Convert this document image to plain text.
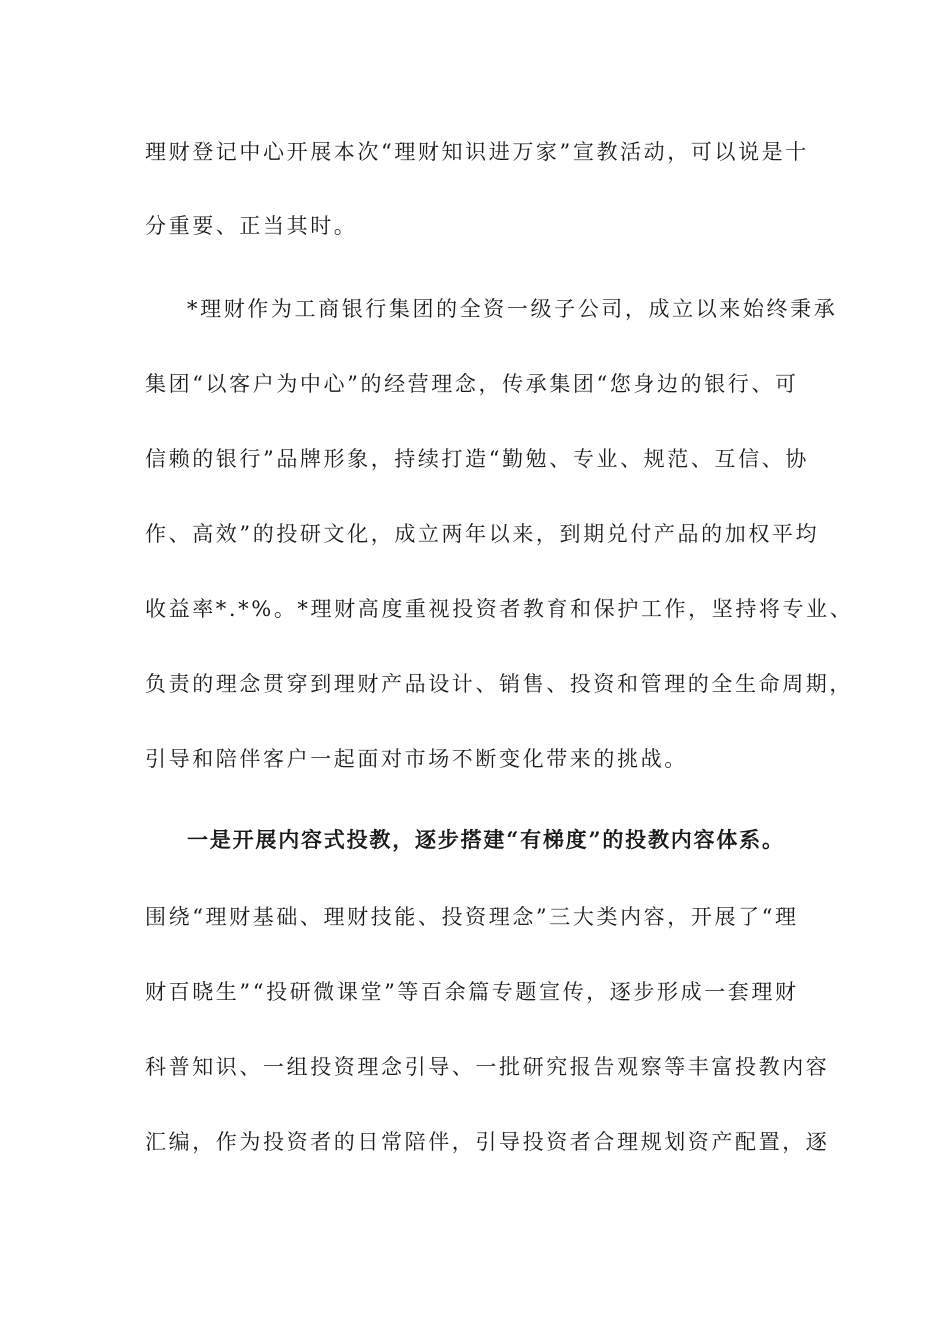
理财登记中心开展本次“理财知识进万家”宣教活动，可以说是十
分重要、正当其时。
*理财作为工商银行集团的全资一级子公司，成立以来始终秉承
集团“以客户为中心”的经营理念，传承集团“您身边的银行、可
信赖的银行”品牌形象，持续打造“勤勉、专业、规范、互信、协
作、高效”的投研文化，成立两年以来，到期兑付产品的加权平均
收益率*.*%。*理财高度重视投资者教育和保护工作，坚持将专业、
负责的理念贯穿到理财产品设计、销售、投资和管理的全生命周期，
引导和陪伴客户一起面对市场不断变化带来的挑战。
一是开展内容式投教，逐步搭建“有梯度”的投教内容体系。
围绕“理财基础、理财技能、投资理念”三大类内容，开展了“理
财百晓生”“投研微课堂”等百余篇专题宣传，逐步形成一套理财
科普知识、一组投资理念引导、一批研究报告观察等丰富投教内容
汇编，作为投资者的日常陪伴，引导投资者合理规划资产配置，逐
